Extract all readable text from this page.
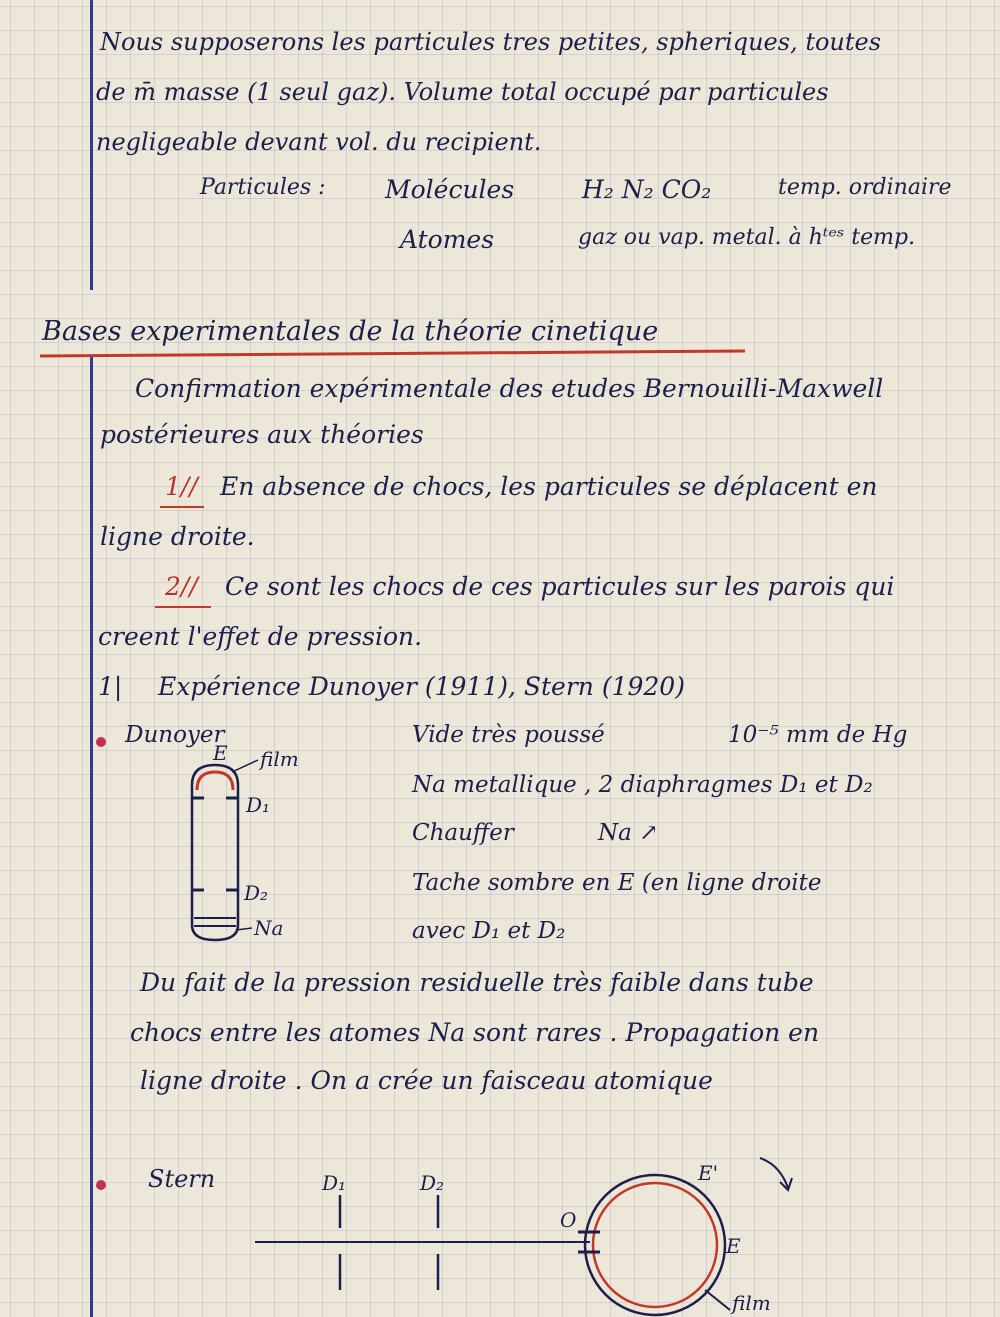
Nous supposerons les particules tres petites, spheriques, toutes
de m̄ masse (1 seul gaz). Volume total occupé par particules
negligeable devant vol. du recipient.
Particules : Molécules	H₂ N₂ CO₂	temp. ordinaire
Atomes	gaz ou vap. metal. à hᵗᵉˢ temp.
Bases experimentales de la théorie cinetique
Confirmation expérimentale des etudes Bernouilli-Maxwell
postérieures aux théories
1// En absence de chocs, les particules se déplacent en
ligne droite.
2// Ce sont les chocs de ces particules sur les parois qui
creent l'effet de pression.
1| Expérience Dunoyer (1911), Stern (1920)
Dunoyer
E film
D₁
D₂
Na
Vide très poussé	10⁻⁵ mm de Hg
Na metallique , 2 diaphragmes D₁ et D₂
Chauffer	Na ↗
Tache sombre en E (en ligne droite
avec D₁ et D₂
Du fait de la pression residuelle très faible dans tube
chocs entre les atomes Na sont rares . Propagation en
ligne droite . On a crée un faisceau atomique
Stern	D₁	D₂
O
E
E'
film
